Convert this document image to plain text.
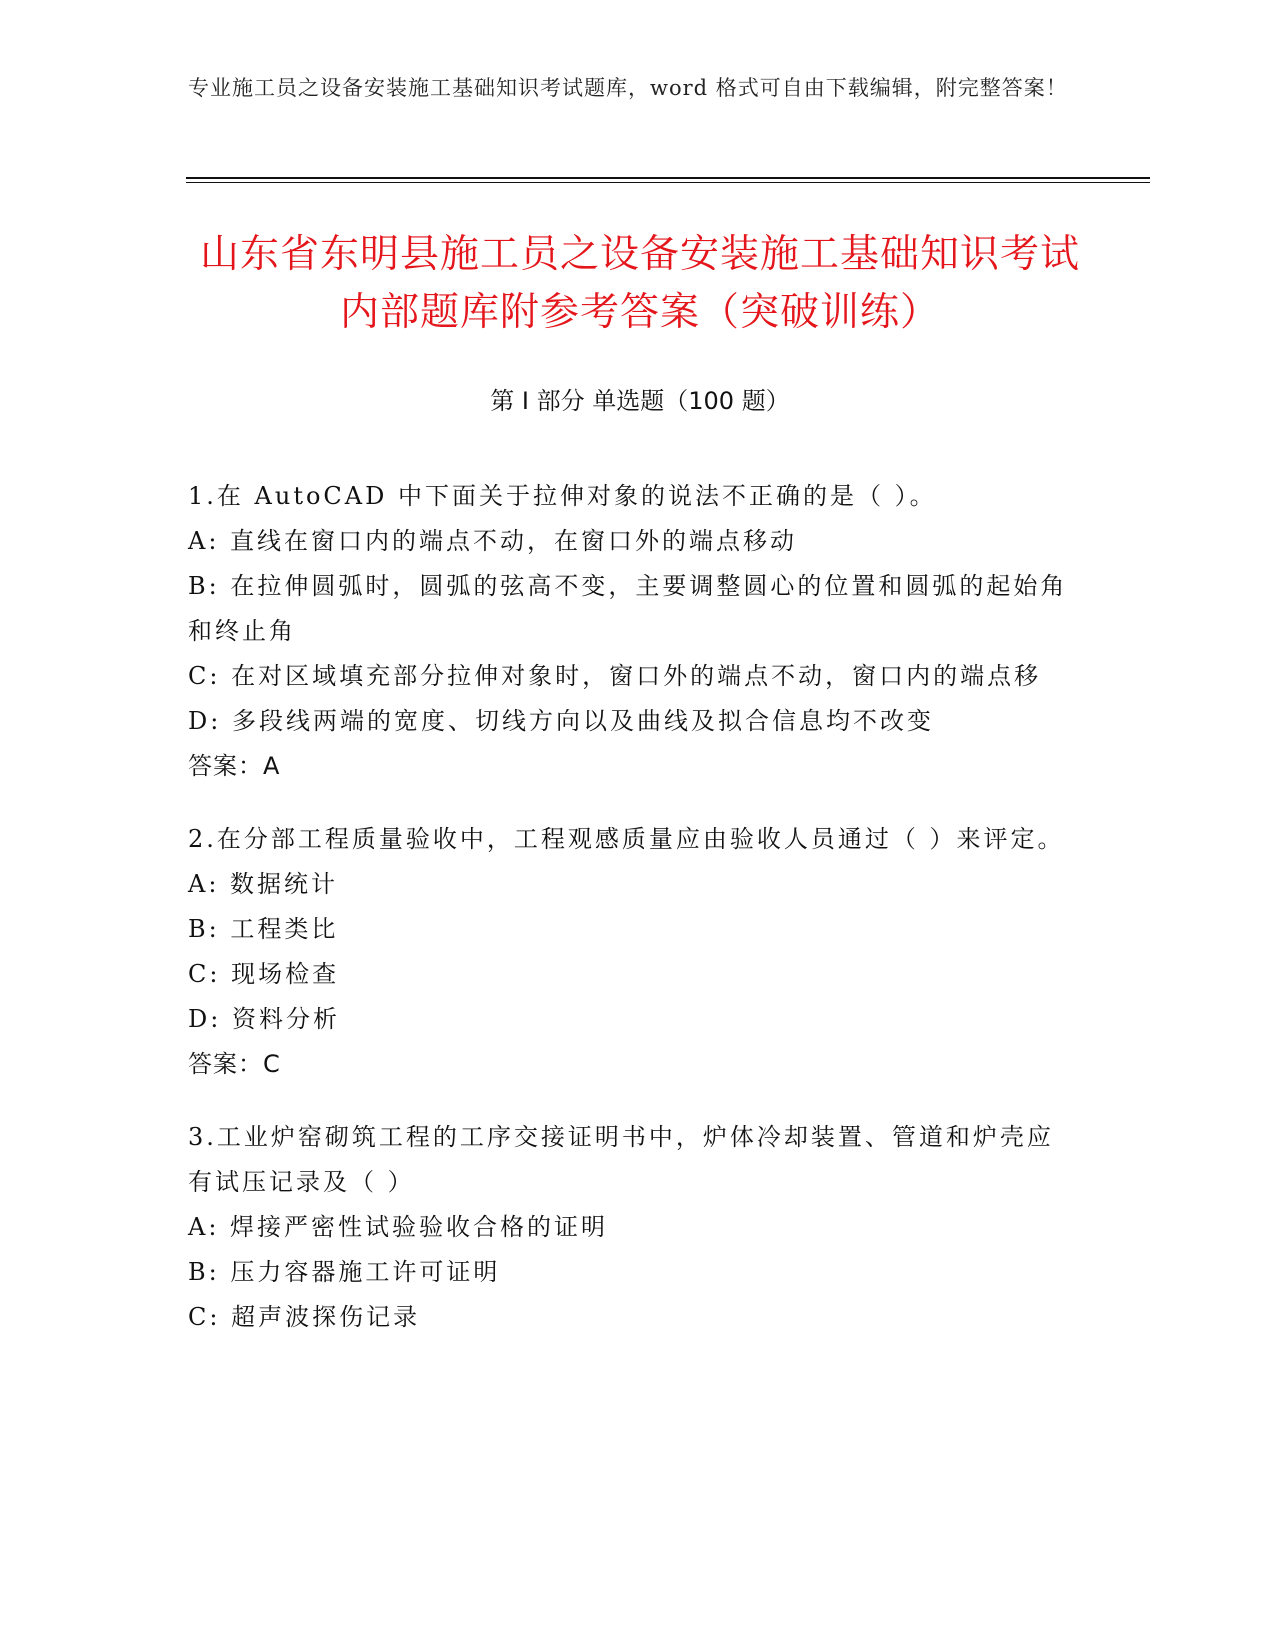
专业施工员之设备安装施工基础知识考试题库，word 格式可自由下载编辑，附完整答案！
山东省东明县施工员之设备安装施工基础知识考试内部题库附参考答案（突破训练）
第 I 部分 单选题（100 题）
1.在 AutoCAD 中下面关于拉伸对象的说法不正确的是（ ）。
A: 直线在窗口内的端点不动，在窗口外的端点移动
B: 在拉伸圆弧时，圆弧的弦高不变，主要调整圆心的位置和圆弧的起始角和终止角
C: 在对区域填充部分拉伸对象时，窗口外的端点不动，窗口内的端点移
D: 多段线两端的宽度、切线方向以及曲线及拟合信息均不改变
答案：A
2.在分部工程质量验收中，工程观感质量应由验收人员通过（ ）来评定。
A: 数据统计
B: 工程类比
C: 现场检查
D: 资料分析
答案：C
3.工业炉窑砌筑工程的工序交接证明书中，炉体冷却装置、管道和炉壳应有试压记录及（ ）
A: 焊接严密性试验验收合格的证明
B: 压力容器施工许可证明
C: 超声波探伤记录
